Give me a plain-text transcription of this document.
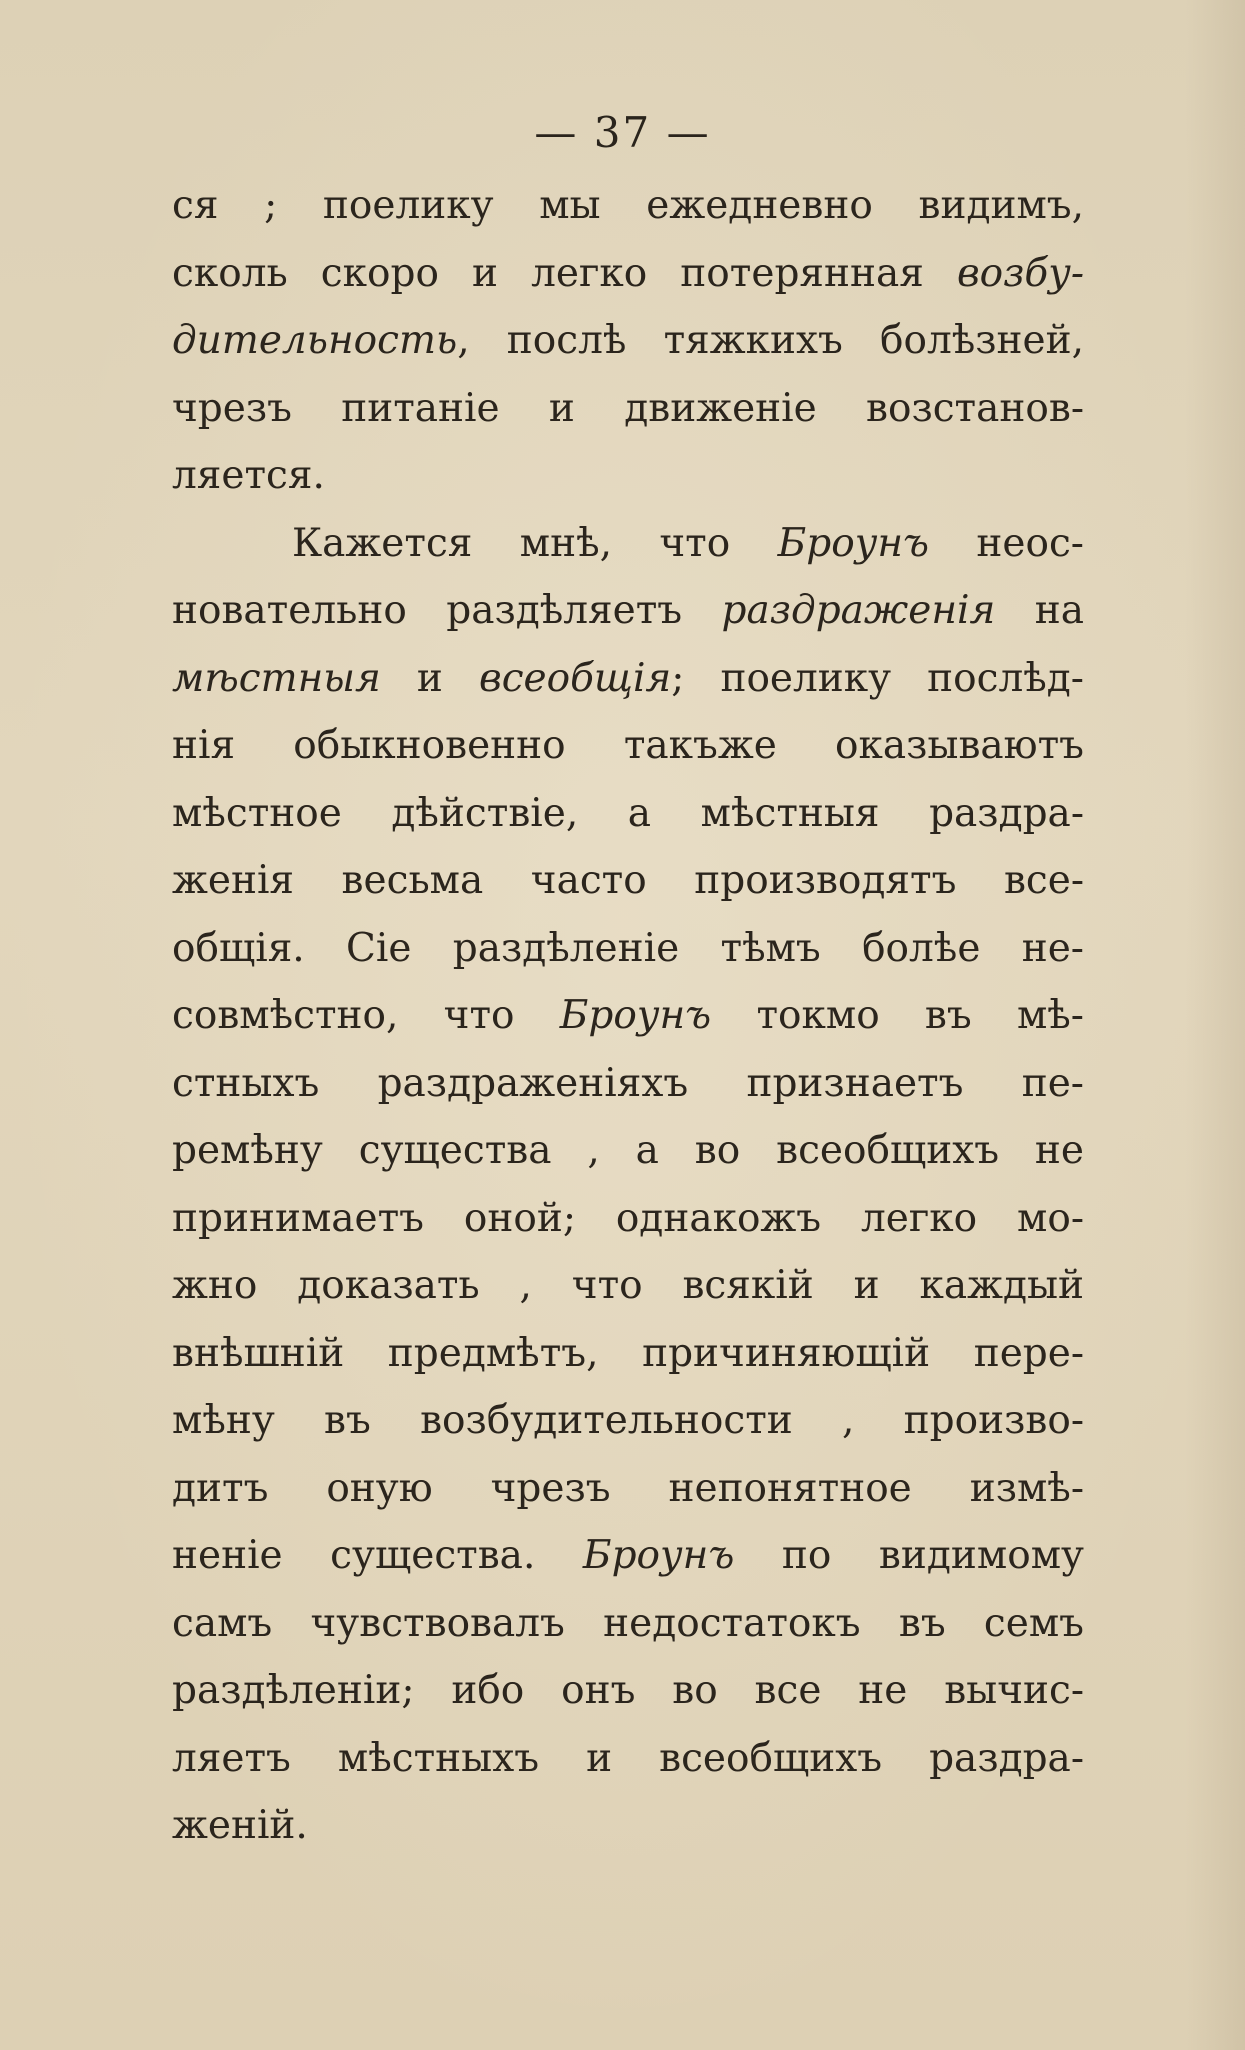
— 37 —
ся ; поелику мы ежедневно видимъ,
сколь скоро и легко потерянная возбу-
дительность, послѣ тяжкихъ болѣзней,
чрезъ питаніе и движеніе возстанов-
ляется.
Кажется мнѣ, что Броунъ неос-
новательно раздѣляетъ раздраженія на
мѣстныя и всеобщія; поелику послѣд-
нія обыкновенно такъже оказываютъ
мѣстное дѣйствіе, а мѣстныя раздра-
женія весьма часто производятъ все-
общія. Сіе раздѣленіе тѣмъ болѣе не-
совмѣстно, что Броунъ токмо въ мѣ-
стныхъ раздраженіяхъ признаетъ пе-
ремѣну существа , а во всеобщихъ не
принимаетъ оной; однакожъ легко мо-
жно доказать , что всякій и каждый
внѣшній предмѣтъ, причиняющій пере-
мѣну въ возбудительности , произво-
дитъ оную чрезъ непонятное измѣ-
неніе существа. Броунъ по видимому
самъ чувствовалъ недостатокъ въ семъ
раздѣленіи; ибо онъ во все не вычис-
ляетъ мѣстныхъ и всеобщихъ раздра-
женій.
